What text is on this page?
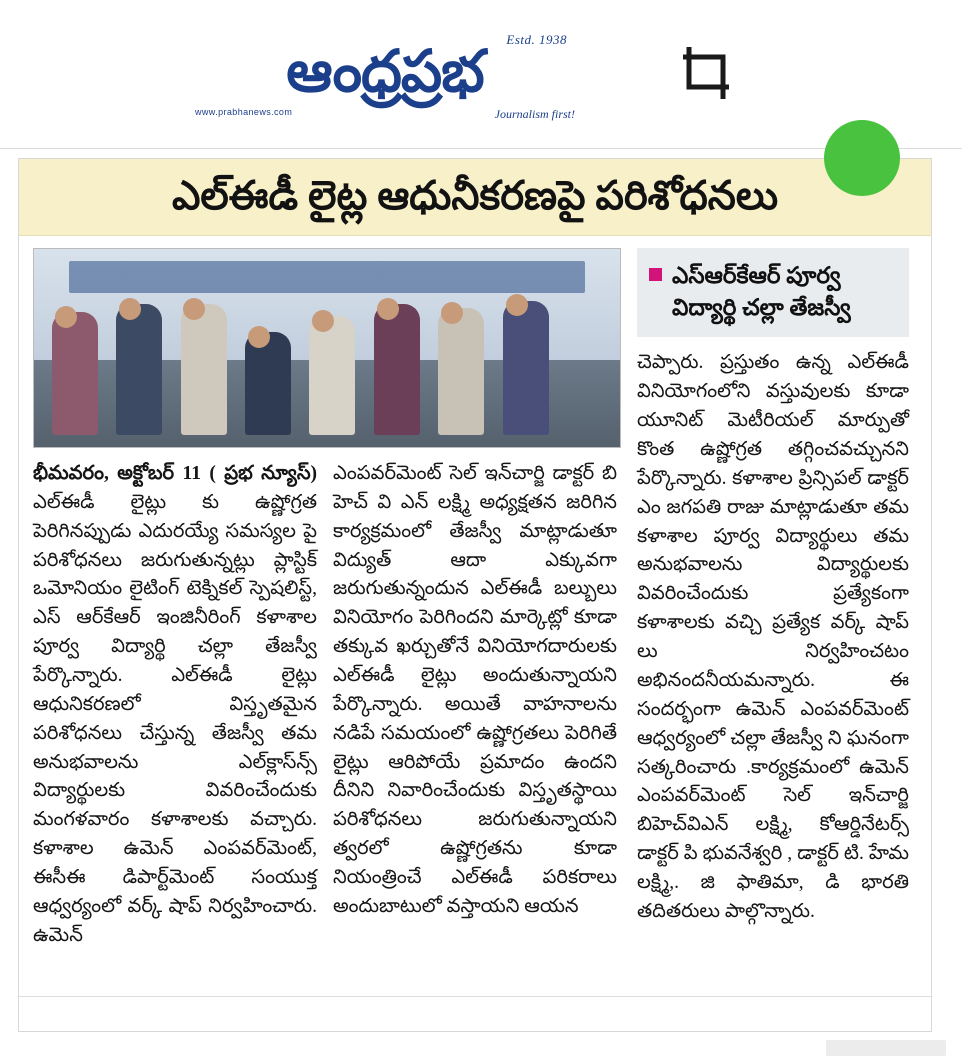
Estd. 1938
ఆంధ్రప్రభ
www.prabhanews.com	Journalism first!
ఎల్ఈడీ లైట్ల ఆధునీకరణపై పరిశోధనలు

భీమవరం, అక్టోబర్ 11 ( ప్రభ న్యూస్) ఎల్ఈడీ లైట్లు కు ఉష్ణోగ్రత పెరిగినప్పుడు ఎదురయ్యే సమస్యల పై పరిశోధనలు జరుగుతున్నట్లు ప్లాస్టిక్ ఒమోనియం లైటింగ్ టెక్నికల్ స్పెషలిస్ట్, ఎస్ ఆర్‌కేఆర్ ఇంజినీరింగ్ కళాశాల పూర్వ విద్యార్థి చల్లా తేజస్వీ పేర్కొన్నారు. ఎల్ఈడీ లైట్లు ఆధునికరణలో విస్తృతమైన పరిశోధనలు చేస్తున్న తేజస్వీ తమ అనుభవాలను ఎల్‌క్లాస్‌న్స్ విద్యార్థులకు వివరించేందుకు మంగళవారం కళాశాలకు వచ్చారు. కళాశాల ఉమెన్ ఎంపవర్‌మెంట్, ఈసీఈ డిపార్ట్‌మెంట్ సంయుక్త ఆధ్వర్యంలో వర్క్ షాప్ నిర్వహించారు. ఉమెన్

ఎంపవర్‌మెంట్ సెల్ ఇన్‌చార్జి డాక్టర్ బి హెచ్ వి ఎన్ లక్ష్మి అధ్యక్షతన జరిగిన కార్యక్రమంలో తేజస్వీ మాట్లాడుతూ విద్యుత్ ఆదా ఎక్కువగా జరుగుతున్నందున ఎల్ఈడీ బల్బులు వినియోగం పెరిగిందని మార్కెట్లో కూడా తక్కువ ఖర్చుతోనే వినియోగదారులకు ఎల్ఈడీ లైట్లు అందుతున్నాయని పేర్కొన్నారు. అయితే వాహనాలను నడిపే సమయంలో ఉష్ణోగ్రతలు పెరిగితే లైట్లు ఆరిపోయే ప్రమాదం ఉందని దీనిని నివారించేందుకు విస్తృతస్థాయి పరిశోధనలు జరుగుతున్నాయని త్వరలో ఉష్ణోగ్రతను కూడా నియంత్రించే ఎల్ఈడీ పరికరాలు అందుబాటులో వస్తాయని ఆయన

ఎస్ఆర్‌కేఆర్ పూర్వ విద్యార్థి చల్లా తేజస్వీ

చెప్పారు. ప్రస్తుతం ఉన్న ఎల్ఈడీ వినియోగంలోని వస్తువులకు కూడా యూనిట్ మెటీరియల్ మార్పుతో కొంత ఉష్ణోగ్రత తగ్గించవచ్చునని పేర్కొన్నారు. కళాశాల ప్రిన్సిపల్ డాక్టర్ ఎం జగపతి రాజు మాట్లాడుతూ తమ కళాశాల పూర్వ విద్యార్థులు తమ అనుభవాలను విద్యార్థులకు వివరించేందుకు ప్రత్యేకంగా కళాశాలకు వచ్చి ప్రత్యేక వర్క్ షాప్ లు నిర్వహించటం అభినందనీయమన్నారు. ఈ సందర్భంగా ఉమెన్ ఎంపవర్‌మెంట్ ఆధ్వర్యంలో చల్లా తేజస్వీ ని ఘనంగా సత్కరించారు .కార్యక్రమంలో ఉమెన్ ఎంపవర్‌మెంట్ సెల్ ఇన్‌చార్జి బిహెచ్‌విఎన్ లక్ష్మి, కోఆర్డినేటర్స్ డాక్టర్ పి భువనేశ్వరి , డాక్టర్ టి. హేమ లక్ష్మి,. జి ఫాతిమా, డి భారతి తదితరులు పాల్గొన్నారు.
